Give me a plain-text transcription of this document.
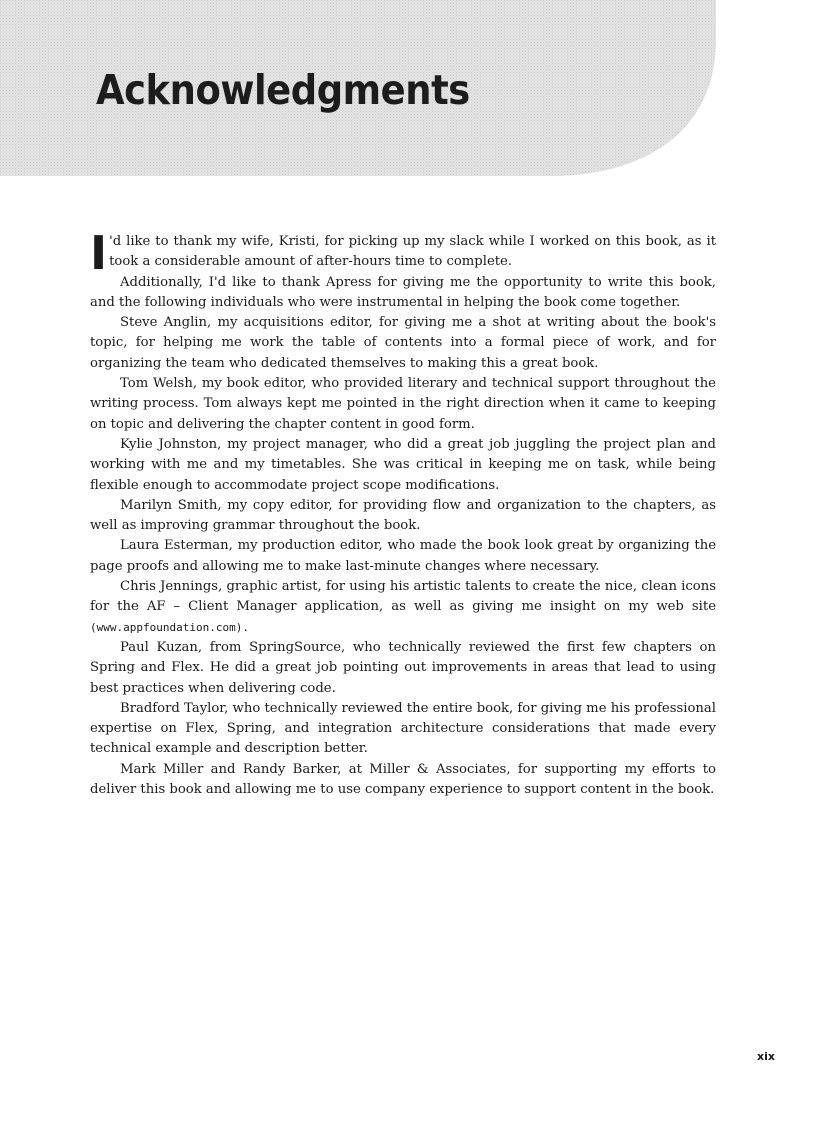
Acknowledgments

I 'd like to thank my wife, Kristi, for picking up my slack while I worked on this book, as it took a considerable amount of after-hours time to complete.

Additionally, I'd like to thank Apress for giving me the opportunity to write this book, and the following individuals who were instrumental in helping the book come together.

Steve Anglin, my acquisitions editor, for giving me a shot at writing about the book's topic, for helping me work the table of contents into a formal piece of work, and for organizing the team who dedicated themselves to making this a great book.

Tom Welsh, my book editor, who provided literary and technical support throughout the writing process. Tom always kept me pointed in the right direction when it came to keeping on topic and delivering the chapter content in good form.

Kylie Johnston, my project manager, who did a great job juggling the project plan and working with me and my timetables. She was critical in keeping me on task, while being flexible enough to accommodate project scope modifications.

Marilyn Smith, my copy editor, for providing flow and organization to the chapters, as well as improving grammar throughout the book.

Laura Esterman, my production editor, who made the book look great by organizing the page proofs and allowing me to make last-minute changes where necessary.

Chris Jennings, graphic artist, for using his artistic talents to create the nice, clean icons for the AF – Client Manager application, as well as giving me insight on my web site (www.appfoundation.com).

Paul Kuzan, from SpringSource, who technically reviewed the first few chapters on Spring and Flex. He did a great job pointing out improvements in areas that lead to using best practices when delivering code.

Bradford Taylor, who technically reviewed the entire book, for giving me his professional expertise on Flex, Spring, and integration architecture considerations that made every technical example and description better.

Mark Miller and Randy Barker, at Miller & Associates, for supporting my efforts to deliver this book and allowing me to use company experience to support content in the book.

xix
